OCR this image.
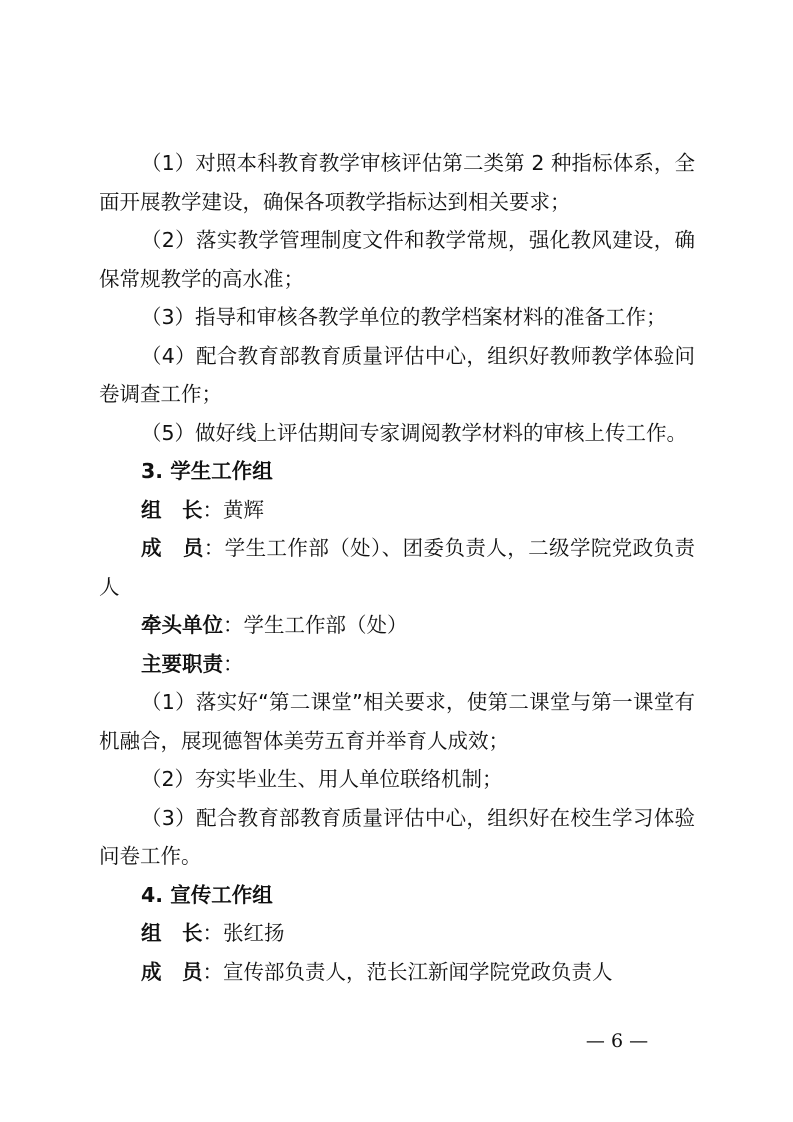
（1）对照本科教育教学审核评估第二类第 2 种指标体系，全面开展教学建设，确保各项教学指标达到相关要求；

（2）落实教学管理制度文件和教学常规，强化教风建设，确保常规教学的高水准；

（3）指导和审核各教学单位的教学档案材料的准备工作；

（4）配合教育部教育质量评估中心，组织好教师教学体验问卷调查工作；

（5）做好线上评估期间专家调阅教学材料的审核上传工作。

3. 学生工作组

组　长：黄辉

成　员：学生工作部（处）、团委负责人，二级学院党政负责人

牵头单位：学生工作部（处）

主要职责：

（1）落实好“第二课堂”相关要求，使第二课堂与第一课堂有机融合，展现德智体美劳五育并举育人成效；

（2）夯实毕业生、用人单位联络机制；

（3）配合教育部教育质量评估中心，组织好在校生学习体验问卷工作。

4. 宣传工作组

组　长：张红扬

成　员：宣传部负责人，范长江新闻学院党政负责人

— 6 —
